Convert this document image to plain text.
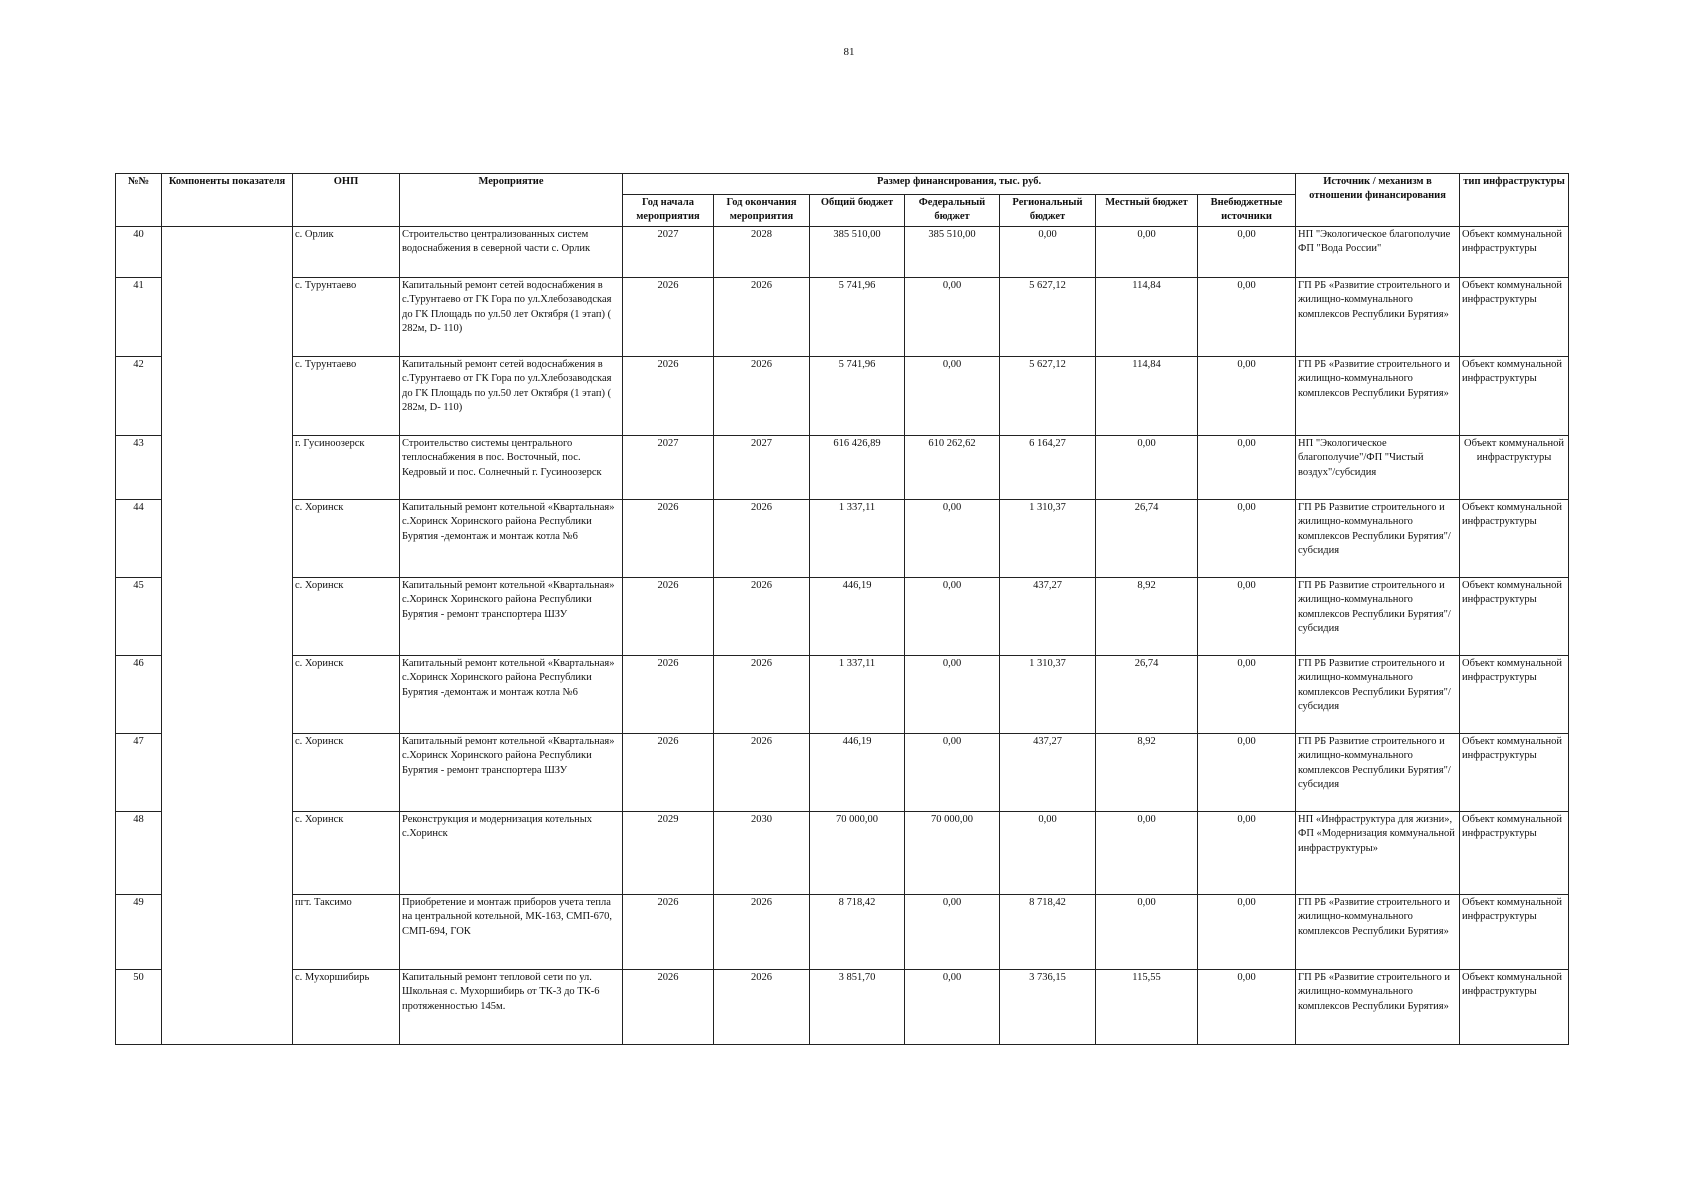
81
№№	Компоненты показателя	ОНП	Мероприятие	Размер финансирования, тыс. руб.							Источник / механизм в отношении финансирования	тип инфраструктуры
				Год начала мероприятия	Год окончания мероприятия	Общий бюджет	Федеральный бюджет	Региональный бюджет	Местный бюджет	Внебюджетные источники		
40		с. Орлик	Строительство централизованных систем водоснабжения в северной части с. Орлик	2027	2028	385 510,00	385 510,00	0,00	0,00	0,00	НП "Экологическое благополучие ФП "Вода России"	Объект коммунальной инфраструктуры
41		с. Турунтаево	Капитальный ремонт сетей водоснабжения в с.Турунтаево от ГК Гора по ул.Хлебозаводская до ГК Площадь по ул.50 лет Октября (1 этап) ( 282м, D- 110)	2026	2026	5 741,96	0,00	5 627,12	114,84	0,00	ГП РБ «Развитие строительного и жилищно-коммунального комплексов Республики Бурятия»	Объект коммунальной инфраструктуры
42		с. Турунтаево	Капитальный ремонт сетей водоснабжения в с.Турунтаево от ГК Гора по ул.Хлебозаводская до ГК Площадь по ул.50 лет Октября (1 этап) ( 282м, D- 110)	2026	2026	5 741,96	0,00	5 627,12	114,84	0,00	ГП РБ «Развитие строительного и жилищно-коммунального комплексов Республики Бурятия»	Объект коммунальной инфраструктуры
43		г. Гусиноозерск	Строительство системы центрального теплоснабжения в пос. Восточный, пос. Кедровый и пос. Солнечный г. Гусиноозерск	2027	2027	616 426,89	610 262,62	6 164,27	0,00	0,00	НП "Экологическое благополучие"/ФП "Чистый воздух"/субсидия	Объект коммунальной инфраструктуры
44		с. Хоринск	Капитальный ремонт котельной «Квартальная» с.Хоринск Хоринского района Республики Бурятия -демонтаж и монтаж котла №6	2026	2026	1 337,11	0,00	1 310,37	26,74	0,00	ГП РБ Развитие строительного и жилищно-коммунального комплексов Республики Бурятия"/субсидия	Объект коммунальной инфраструктуры
45		с. Хоринск	Капитальный ремонт котельной «Квартальная» с.Хоринск Хоринского района Республики Бурятия - ремонт транспортера ШЗУ	2026	2026	446,19	0,00	437,27	8,92	0,00	ГП РБ Развитие строительного и жилищно-коммунального комплексов Республики Бурятия"/субсидия	Объект коммунальной инфраструктуры
46		с. Хоринск	Капитальный ремонт котельной «Квартальная» с.Хоринск Хоринского района Республики Бурятия -демонтаж и монтаж котла №6	2026	2026	1 337,11	0,00	1 310,37	26,74	0,00	ГП РБ Развитие строительного и жилищно-коммунального комплексов Республики Бурятия"/субсидия	Объект коммунальной инфраструктуры
47		с. Хоринск	Капитальный ремонт котельной «Квартальная» с.Хоринск Хоринского района Республики Бурятия - ремонт транспортера ШЗУ	2026	2026	446,19	0,00	437,27	8,92	0,00	ГП РБ Развитие строительного и жилищно-коммунального комплексов Республики Бурятия"/субсидия	Объект коммунальной инфраструктуры
48		с. Хоринск	Реконструкция и модернизация котельных с.Хоринск	2029	2030	70 000,00	70 000,00	0,00	0,00	0,00	НП «Инфраструктура для жизни», ФП «Модернизация коммунальной инфраструктуры»	Объект коммунальной инфраструктуры
49		пгт. Таксимо	Приобретение и монтаж приборов учета тепла на центральной котельной, МК-163, СМП-670, СМП-694, ГОК	2026	2026	8 718,42	0,00	8 718,42	0,00	0,00	ГП РБ «Развитие строительного и жилищно-коммунального комплексов Республики Бурятия»	Объект коммунальной инфраструктуры
50		с. Мухоршибирь	Капитальный ремонт тепловой сети по ул. Школьная с. Мухоршибирь от ТК-3 до ТК-6 протяженностью 145м.	2026	2026	3 851,70	0,00	3 736,15	115,55	0,00	ГП РБ «Развитие строительного и жилищно-коммунального комплексов Республики Бурятия»	Объект коммунальной инфраструктуры
